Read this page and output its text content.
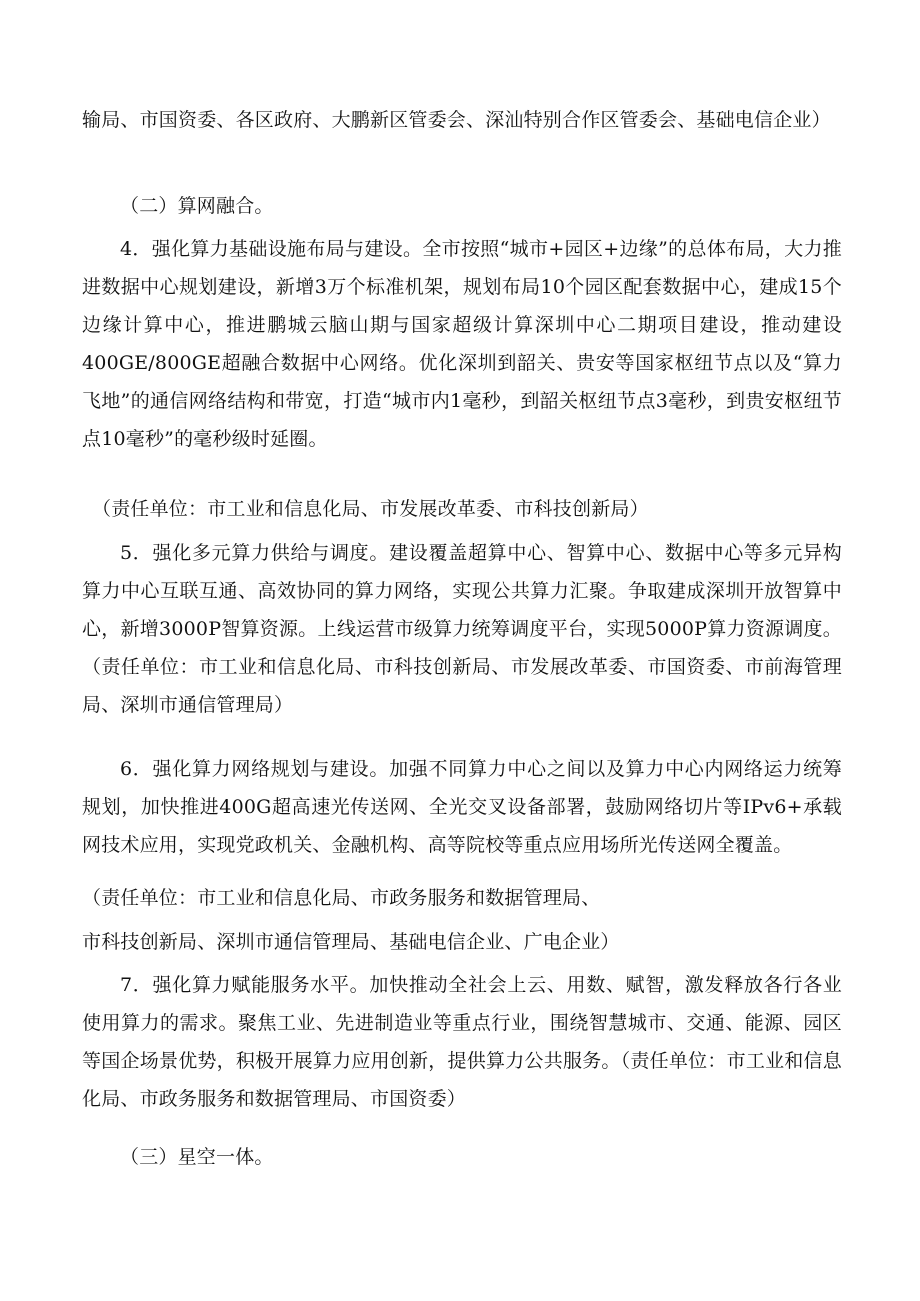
输局、市国资委、各区政府、大鹏新区管委会、深汕特别合作区管委会、基础电信企业）

（二）算网融合。

4．强化算力基础设施布局与建设。全市按照“城市+园区+边缘”的总体布局，大力推进数据中心规划建设，新增3万个标准机架，规划布局10个园区配套数据中心，建成15个边缘计算中心，推进鹏城云脑山期与国家超级计算深圳中心二期项目建设，推动建设400GE/800GE超融合数据中心网络。优化深圳到韶关、贵安等国家枢纽节点以及“算力飞地”的通信网络结构和带宽，打造“城市内1毫秒，到韶关枢纽节点3毫秒，到贵安枢纽节点10毫秒”的毫秒级时延圈。

（责任单位：市工业和信息化局、市发展改革委、市科技创新局）

5．强化多元算力供给与调度。建设覆盖超算中心、智算中心、数据中心等多元异构算力中心互联互通、高效协同的算力网络，实现公共算力汇聚。争取建成深圳开放智算中心，新增3000P智算资源。上线运营市级算力统筹调度平台，实现5000P算力资源调度。（责任单位：市工业和信息化局、市科技创新局、市发展改革委、市国资委、市前海管理局、深圳市通信管理局）

6．强化算力网络规划与建设。加强不同算力中心之间以及算力中心内网络运力统筹规划，加快推进400G超高速光传送网、全光交叉设备部署，鼓励网络切片等IPv6+承载网技术应用，实现党政机关、金融机构、高等院校等重点应用场所光传送网全覆盖。

（责任单位：市工业和信息化局、市政务服务和数据管理局、

市科技创新局、深圳市通信管理局、基础电信企业、广电企业）

7．强化算力赋能服务水平。加快推动全社会上云、用数、赋智，激发释放各行各业使用算力的需求。聚焦工业、先进制造业等重点行业，围绕智慧城市、交通、能源、园区等国企场景优势，积极开展算力应用创新，提供算力公共服务。（责任单位：市工业和信息化局、市政务服务和数据管理局、市国资委）

（三）星空一体。
